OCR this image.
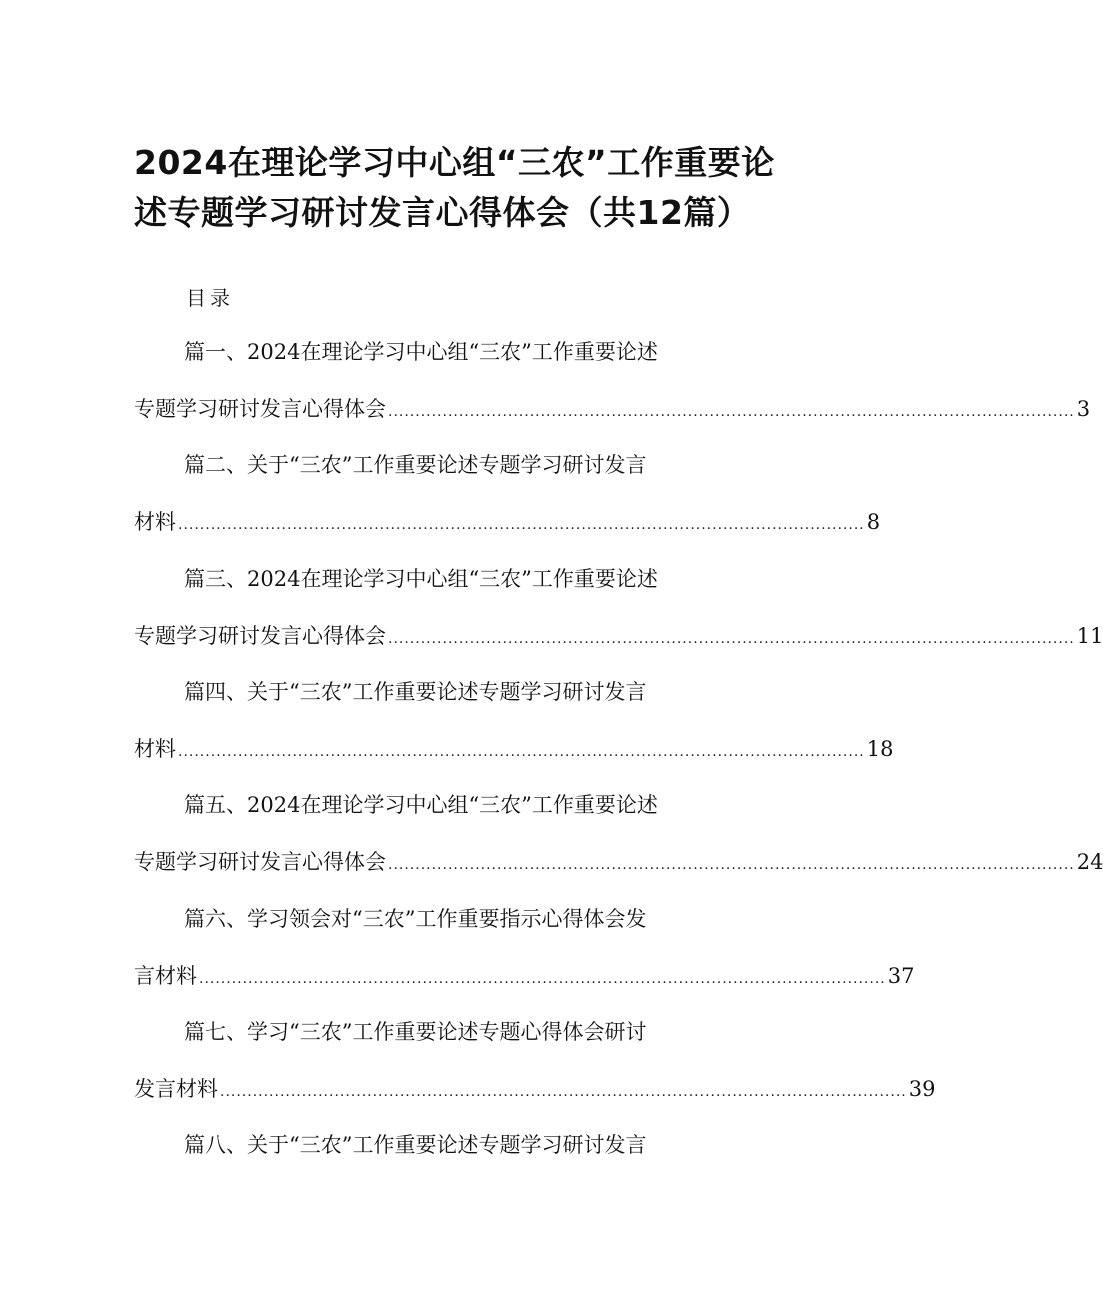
2024在理论学习中心组“三农”工作重要论
述专题学习研讨发言心得体会（共12篇）
目录
篇一、2024在理论学习中心组“三农”工作重要论述
专题学习研讨发言心得体会 .............................................................................................................................. 3
篇二、关于“三农”工作重要论述专题学习研讨发言
材料 .............................................................................................................................. 8
篇三、2024在理论学习中心组“三农”工作重要论述
专题学习研讨发言心得体会 .............................................................................................................................. 11
篇四、关于“三农”工作重要论述专题学习研讨发言
材料 .............................................................................................................................. 18
篇五、2024在理论学习中心组“三农”工作重要论述
专题学习研讨发言心得体会 .............................................................................................................................. 24
篇六、学习领会对“三农”工作重要指示心得体会发
言材料 .............................................................................................................................. 37
篇七、学习“三农”工作重要论述专题心得体会研讨
发言材料 .............................................................................................................................. 39
篇八、关于“三农”工作重要论述专题学习研讨发言
